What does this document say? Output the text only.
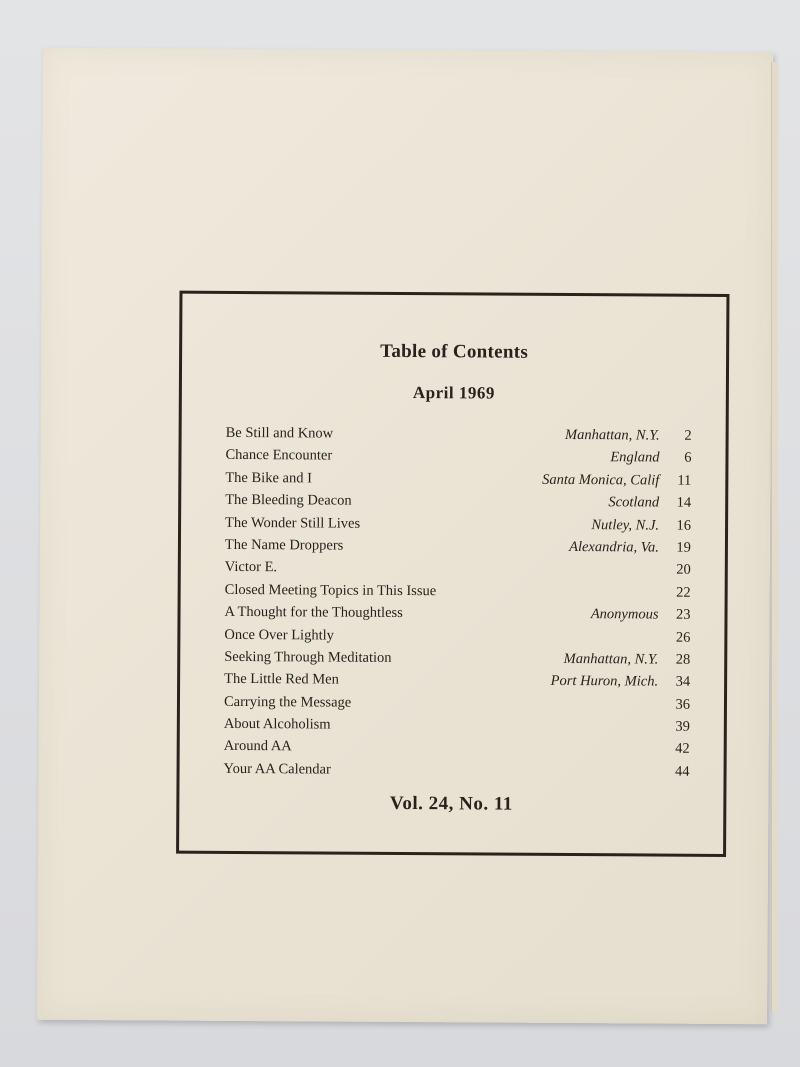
Table of Contents
April 1969
Be Still and Know	Manhattan, N.Y.	2
Chance Encounter	England	6
The Bike and I	Santa Monica, Calif	11
The Bleeding Deacon	Scotland	14
The Wonder Still Lives	Nutley, N.J.	16
The Name Droppers	Alexandria, Va.	19
Victor E.	20
Closed Meeting Topics in This Issue	22
A Thought for the Thoughtless	Anonymous	23
Once Over Lightly	26
Seeking Through Meditation	Manhattan, N.Y.	28
The Little Red Men	Port Huron, Mich.	34
Carrying the Message	36
About Alcoholism	39
Around AA	42
Your AA Calendar	44
Vol. 24, No. 11
